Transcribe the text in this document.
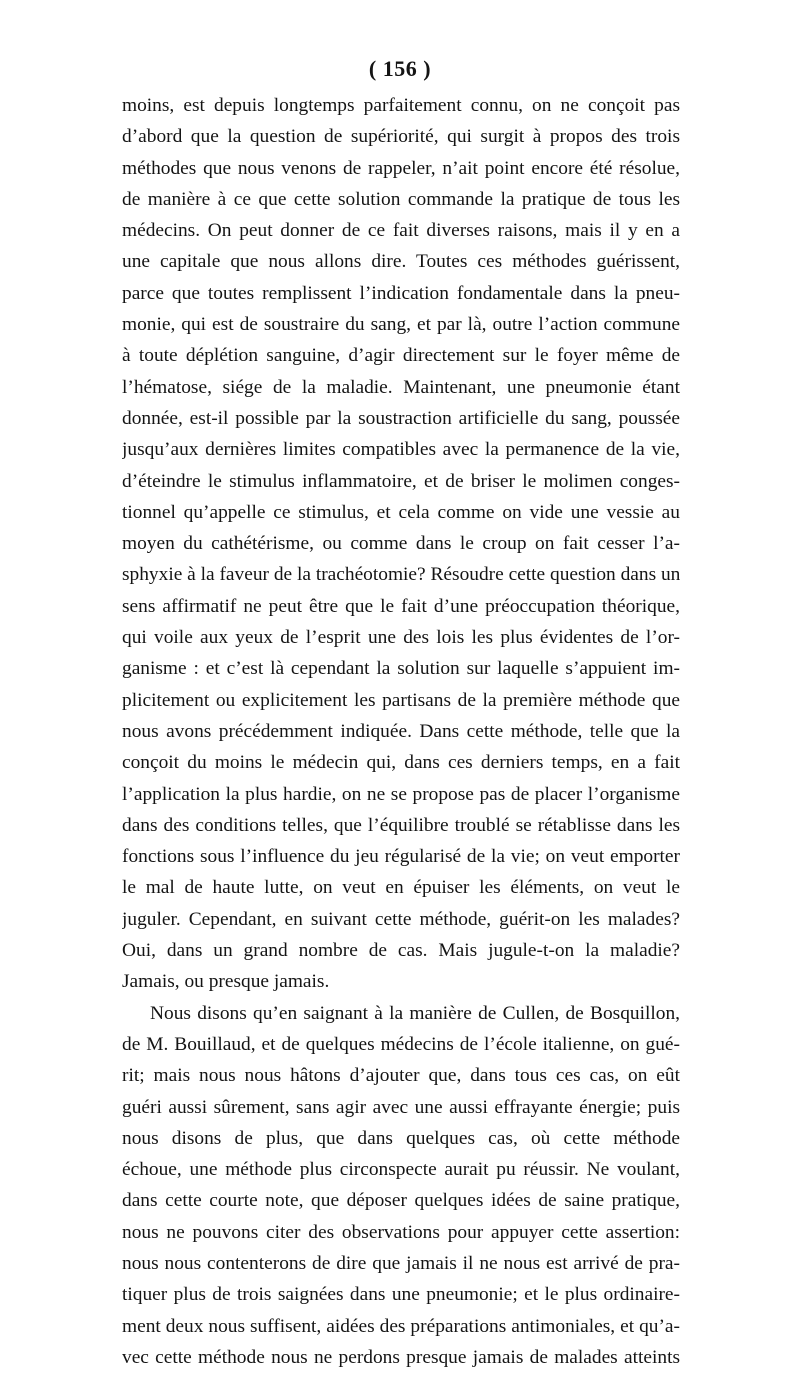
( 156 )
moins, est depuis longtemps parfaitement connu, on ne conçoit pas
d’abord que la question de supériorité, qui surgit à propos des trois
méthodes que nous venons de rappeler, n’ait point encore été résolue,
de manière à ce que cette solution commande la pratique de tous les
médecins. On peut donner de ce fait diverses raisons, mais il y en a
une capitale que nous allons dire. Toutes ces méthodes guérissent,
parce que toutes remplissent l’indication fondamentale dans la pneu-
monie, qui est de soustraire du sang, et par là, outre l’action commune
à toute déplétion sanguine, d’agir directement sur le foyer même de
l’hématose, siége de la maladie. Maintenant, une pneumonie étant
donnée, est-il possible par la soustraction artificielle du sang, poussée
jusqu’aux dernières limites compatibles avec la permanence de la vie,
d’éteindre le stimulus inflammatoire, et de briser le molimen conges-
tionnel qu’appelle ce stimulus, et cela comme on vide une vessie au
moyen du cathétérisme, ou comme dans le croup on fait cesser l’a-
sphyxie à la faveur de la trachéotomie? Résoudre cette question dans un
sens affirmatif ne peut être que le fait d’une préoccupation théorique,
qui voile aux yeux de l’esprit une des lois les plus évidentes de l’or-
ganisme : et c’est là cependant la solution sur laquelle s’appuient im-
plicitement ou explicitement les partisans de la première méthode que
nous avons précédemment indiquée. Dans cette méthode, telle que la
conçoit du moins le médecin qui, dans ces derniers temps, en a fait
l’application la plus hardie, on ne se propose pas de placer l’organisme
dans des conditions telles, que l’équilibre troublé se rétablisse dans les
fonctions sous l’influence du jeu régularisé de la vie; on veut emporter
le mal de haute lutte, on veut en épuiser les éléments, on veut le
juguler. Cependant, en suivant cette méthode, guérit-on les malades?
Oui, dans un grand nombre de cas. Mais jugule-t-on la maladie?
Jamais, ou presque jamais.
Nous disons qu’en saignant à la manière de Cullen, de Bosquillon,
de M. Bouillaud, et de quelques médecins de l’école italienne, on gué-
rit; mais nous nous hâtons d’ajouter que, dans tous ces cas, on eût
guéri aussi sûrement, sans agir avec une aussi effrayante énergie; puis
nous disons de plus, que dans quelques cas, où cette méthode
échoue, une méthode plus circonspecte aurait pu réussir. Ne voulant,
dans cette courte note, que déposer quelques idées de saine pratique,
nous ne pouvons citer des observations pour appuyer cette assertion:
nous nous contenterons de dire que jamais il ne nous est arrivé de pra-
tiquer plus de trois saignées dans une pneumonie; et le plus ordinaire-
ment deux nous suffisent, aidées des préparations antimoniales, et qu’a-
vec cette méthode nous ne perdons presque jamais de malades atteints
